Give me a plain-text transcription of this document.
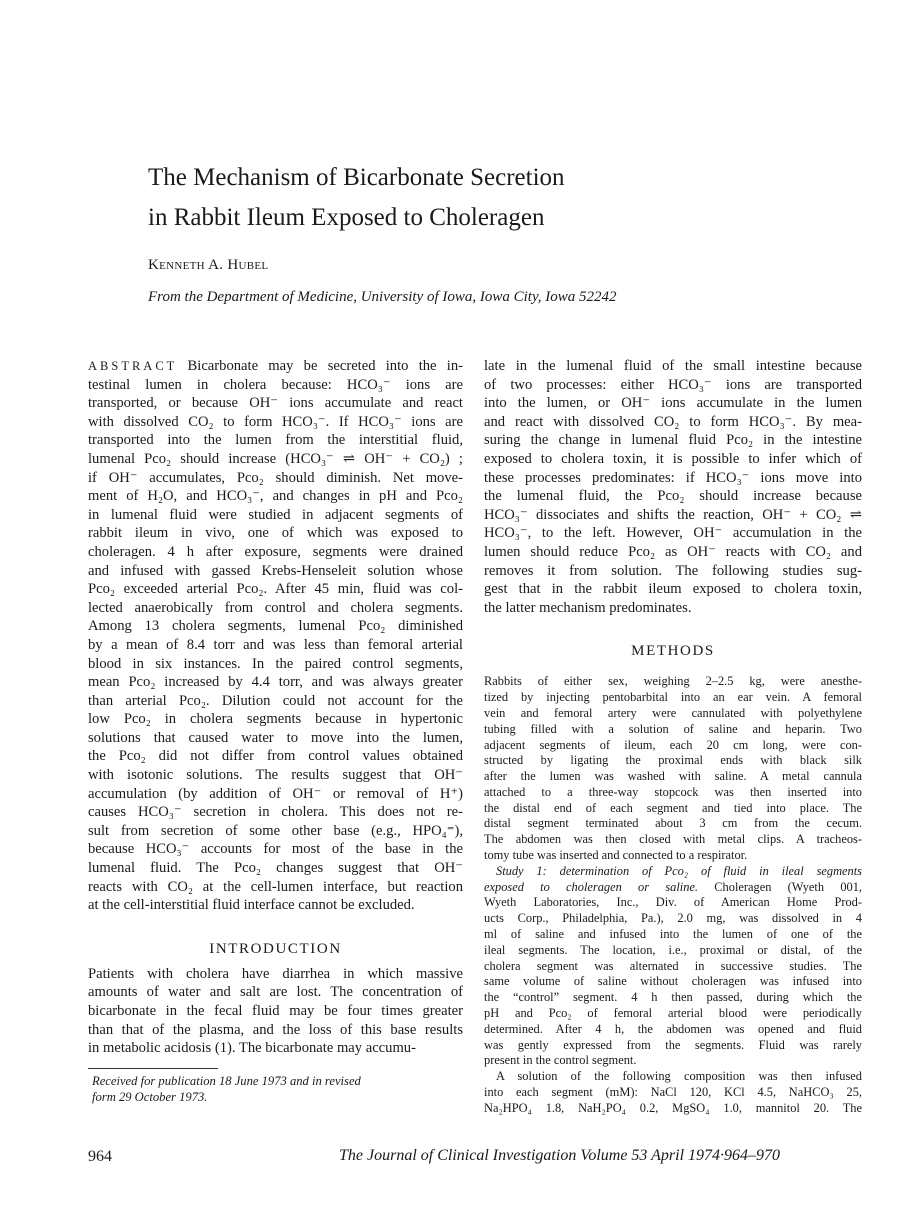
The Mechanism of Bicarbonate Secretion
in Rabbit Ileum Exposed to Choleragen
Kenneth A. Hubel
From the Department of Medicine, University of Iowa, Iowa City, Iowa 52242
ABSTRACT Bicarbonate may be secreted into the in-
testinal lumen in cholera because: HCO₃⁻ ions are
transported, or because OH⁻ ions accumulate and react
with dissolved CO₂ to form HCO₃⁻. If HCO₃⁻ ions are
transported into the lumen from the interstitial fluid,
lumenal Pco₂ should increase (HCO₃⁻ ⇌ OH⁻ + CO₂) ;
if OH⁻ accumulates, Pco₂ should diminish. Net move-
ment of H₂O, and HCO₃⁻, and changes in pH and Pco₂
in lumenal fluid were studied in adjacent segments of
rabbit ileum in vivo, one of which was exposed to
choleragen. 4 h after exposure, segments were drained
and infused with gassed Krebs-Henseleit solution whose
Pco₂ exceeded arterial Pco₂. After 45 min, fluid was col-
lected anaerobically from control and cholera segments.
Among 13 cholera segments, lumenal Pco₂ diminished
by a mean of 8.4 torr and was less than femoral arterial
blood in six instances. In the paired control segments,
mean Pco₂ increased by 4.4 torr, and was always greater
than arterial Pco₂. Dilution could not account for the
low Pco₂ in cholera segments because in hypertonic
solutions that caused water to move into the lumen,
the Pco₂ did not differ from control values obtained
with isotonic solutions. The results suggest that OH⁻
accumulation (by addition of OH⁻ or removal of H⁺)
causes HCO₃⁻ secretion in cholera. This does not re-
sult from secretion of some other base (e.g., HPO₄⁼),
because HCO₃⁻ accounts for most of the base in the
lumenal fluid. The Pco₂ changes suggest that OH⁻
reacts with CO₂ at the cell-lumen interface, but reaction
at the cell-interstitial fluid interface cannot be excluded.

INTRODUCTION

Patients with cholera have diarrhea in which massive
amounts of water and salt are lost. The concentration of
bicarbonate in the fecal fluid may be four times greater
than that of the plasma, and the loss of this base results
in metabolic acidosis (1). The bicarbonate may accumu-
Received for publication 18 June 1973 and in revised
form 29 October 1973.
late in the lumenal fluid of the small intestine because
of two processes: either HCO₃⁻ ions are transported
into the lumen, or OH⁻ ions accumulate in the lumen
and react with dissolved CO₂ to form HCO₃⁻. By mea-
suring the change in lumenal fluid Pco₂ in the intestine
exposed to cholera toxin, it is possible to infer which of
these processes predominates: if HCO₃⁻ ions move into
the lumenal fluid, the Pco₂ should increase because
HCO₃⁻ dissociates and shifts the reaction, OH⁻ + CO₂ ⇌
HCO₃⁻, to the left. However, OH⁻ accumulation in the
lumen should reduce Pco₂ as OH⁻ reacts with CO₂ and
removes it from solution. The following studies sug-
gest that in the rabbit ileum exposed to cholera toxin,
the latter mechanism predominates.

METHODS

Rabbits of either sex, weighing 2–2.5 kg, were anesthe-
tized by injecting pentobarbital into an ear vein. A femoral
vein and femoral artery were cannulated with polyethylene
tubing filled with a solution of saline and heparin. Two
adjacent segments of ileum, each 20 cm long, were con-
structed by ligating the proximal ends with black silk
after the lumen was washed with saline. A metal cannula
attached to a three-way stopcock was then inserted into
the distal end of each segment and tied into place. The
distal segment terminated about 3 cm from the cecum.
The abdomen was then closed with metal clips. A tracheos-
tomy tube was inserted and connected to a respirator.
Study 1: determination of Pco₂ of fluid in ileal segments
exposed to choleragen or saline. Choleragen (Wyeth 001,
Wyeth Laboratories, Inc., Div. of American Home Prod-
ucts Corp., Philadelphia, Pa.), 2.0 mg, was dissolved in 4
ml of saline and infused into the lumen of one of the
ileal segments. The location, i.e., proximal or distal, of the
cholera segment was alternated in successive studies. The
same volume of saline without choleragen was infused into
the “control” segment. 4 h then passed, during which the
pH and Pco₂ of femoral arterial blood were periodically
determined. After 4 h, the abdomen was opened and fluid
was gently expressed from the segments. Fluid was rarely
present in the control segment.
A solution of the following composition was then infused
into each segment (mM): NaCl 120, KCl 4.5, NaHCO₃ 25,
Na₂HPO₄ 1.8, NaH₂PO₄ 0.2, MgSO₄ 1.0, mannitol 20. The
964	The Journal of Clinical Investigation Volume 53 April 1974·964–970
